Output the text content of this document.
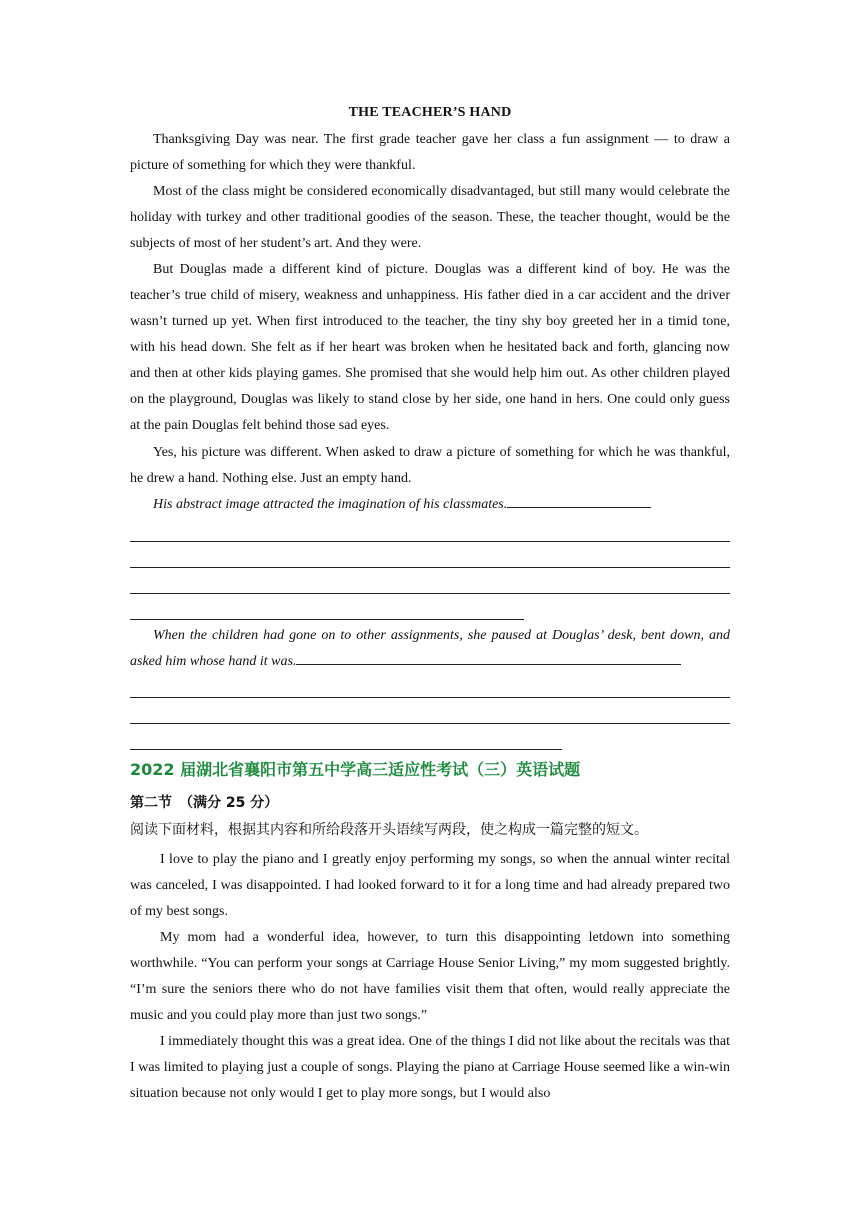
THE TEACHER’S HAND

Thanksgiving Day was near. The first grade teacher gave her class a fun assignment — to draw a picture of something for which they were thankful.

Most of the class might be considered economically disadvantaged, but still many would celebrate the holiday with turkey and other traditional goodies of the season. These, the teacher thought, would be the subjects of most of her student’s art. And they were.

But Douglas made a different kind of picture. Douglas was a different kind of boy. He was the teacher’s true child of misery, weakness and unhappiness. His father died in a car accident and the driver wasn’t turned up yet. When first introduced to the teacher, the tiny shy boy greeted her in a timid tone, with his head down. She felt as if her heart was broken when he hesitated back and forth, glancing now and then at other kids playing games. She promised that she would help him out. As other children played on the playground, Douglas was likely to stand close by her side, one hand in hers. One could only guess at the pain Douglas felt behind those sad eyes.

Yes, his picture was different. When asked to draw a picture of something for which he was thankful, he drew a hand. Nothing else. Just an empty hand.

His abstract image attracted the imagination of his classmates.

When the children had gone on to other assignments, she paused at Douglas’ desk, bent down, and asked him whose hand it was.

2022 届湖北省襄阳市第五中学高三适应性考试（三）英语试题
第二节　（满分 25 分）
阅读下面材料，根据其内容和所给段落开头语续写两段，使之构成一篇完整的短文。

I love to play the piano and I greatly enjoy performing my songs, so when the annual winter recital was canceled, I was disappointed. I had looked forward to it for a long time and had already prepared two of my best songs.

My mom had a wonderful idea, however, to turn this disappointing letdown into something worthwhile. “You can perform your songs at Carriage House Senior Living,” my mom suggested brightly. “I’m sure the seniors there who do not have families visit them that often, would really appreciate the music and you could play more than just two songs.”

I immediately thought this was a great idea. One of the things I did not like about the recitals was that I was limited to playing just a couple of songs. Playing the piano at Carriage House seemed like a win-win situation because not only would I get to play more songs, but I would also
